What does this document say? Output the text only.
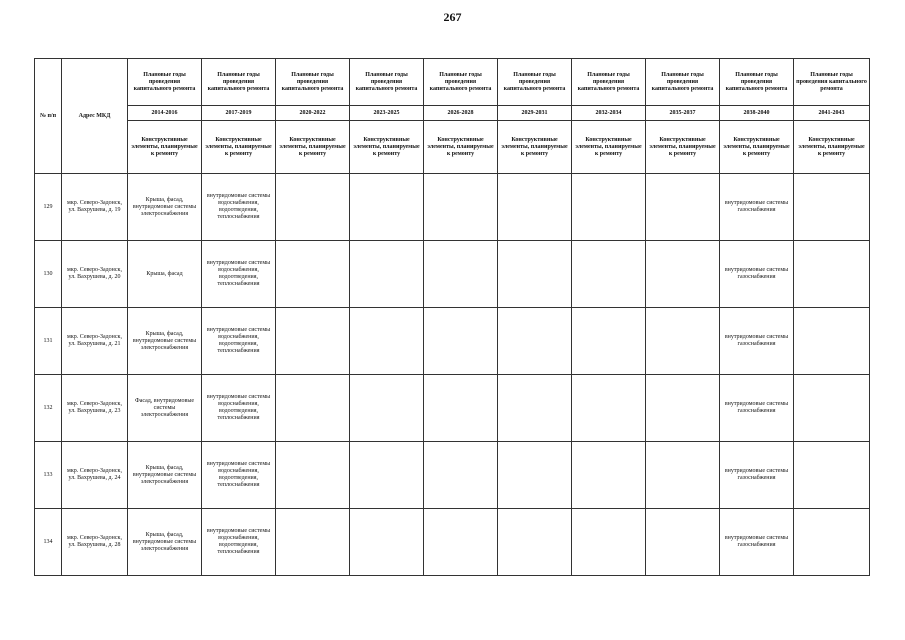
267
№ п/п	Адрес МКД	Плановые годы проведения капитального ремонта	Плановые годы проведения капитального ремонта	Плановые годы проведения капитального ремонта	Плановые годы проведения капитального ремонта	Плановые годы проведения капитального ремонта	Плановые годы проведения капитального ремонта	Плановые годы проведения капитального ремонта	Плановые годы проведения капитального ремонта	Плановые годы проведения капитального ремонта	Плановые годы проведения капитального ремонта
		2014-2016	2017-2019	2020-2022	2023-2025	2026-2028	2029-2031	2032-2034	2035-2037	2038-2040	2041-2043
		Конструктивные элементы, планируемые к ремонту	Конструктивные элементы, планируемые к ремонту	Конструктивные элементы, планируемые к ремонту	Конструктивные элементы, планируемые к ремонту	Конструктивные элементы, планируемые к ремонту	Конструктивные элементы, планируемые к ремонту	Конструктивные элементы, планируемые к ремонту	Конструктивные элементы, планируемые к ремонту	Конструктивные элементы, планируемые к ремонту	Конструктивные элементы, планируемые к ремонту
129	мкр. Северо-Задонск, ул. Вахрушева, д. 19	Крыша, фасад, внутридомовые системы электроснабжения	внутридомовые системы водоснабжения, водоотведения, теплоснабжения							внутридомовые системы газоснабжения	
130	мкр. Северо-Задонск, ул. Вахрушева, д. 20	Крыша, фасад	внутридомовые системы водоснабжения, водоотведения, теплоснабжения							внутридомовые системы газоснабжения	
131	мкр. Северо-Задонск, ул. Вахрушева, д. 21	Крыша, фасад, внутридомовые системы электроснабжения	внутридомовые системы водоснабжения, водоотведения, теплоснабжения							внутридомовые системы газоснабжения	
132	мкр. Северо-Задонск, ул. Вахрушева, д. 23	Фасад, внутридомовые системы электроснабжения	внутридомовые системы водоснабжения, водоотведения, теплоснабжения							внутридомовые системы газоснабжения	
133	мкр. Северо-Задонск, ул. Вахрушева, д. 24	Крыша, фасад, внутридомовые системы электроснабжения	внутридомовые системы водоснабжения, водоотведения, теплоснабжения							внутридомовые системы газоснабжения	
134	мкр. Северо-Задонск, ул. Вахрушева, д. 28	Крыша, фасад, внутридомовые системы электроснабжения	внутридомовые системы водоснабжения, водоотведения, теплоснабжения							внутридомовые системы газоснабжения	
